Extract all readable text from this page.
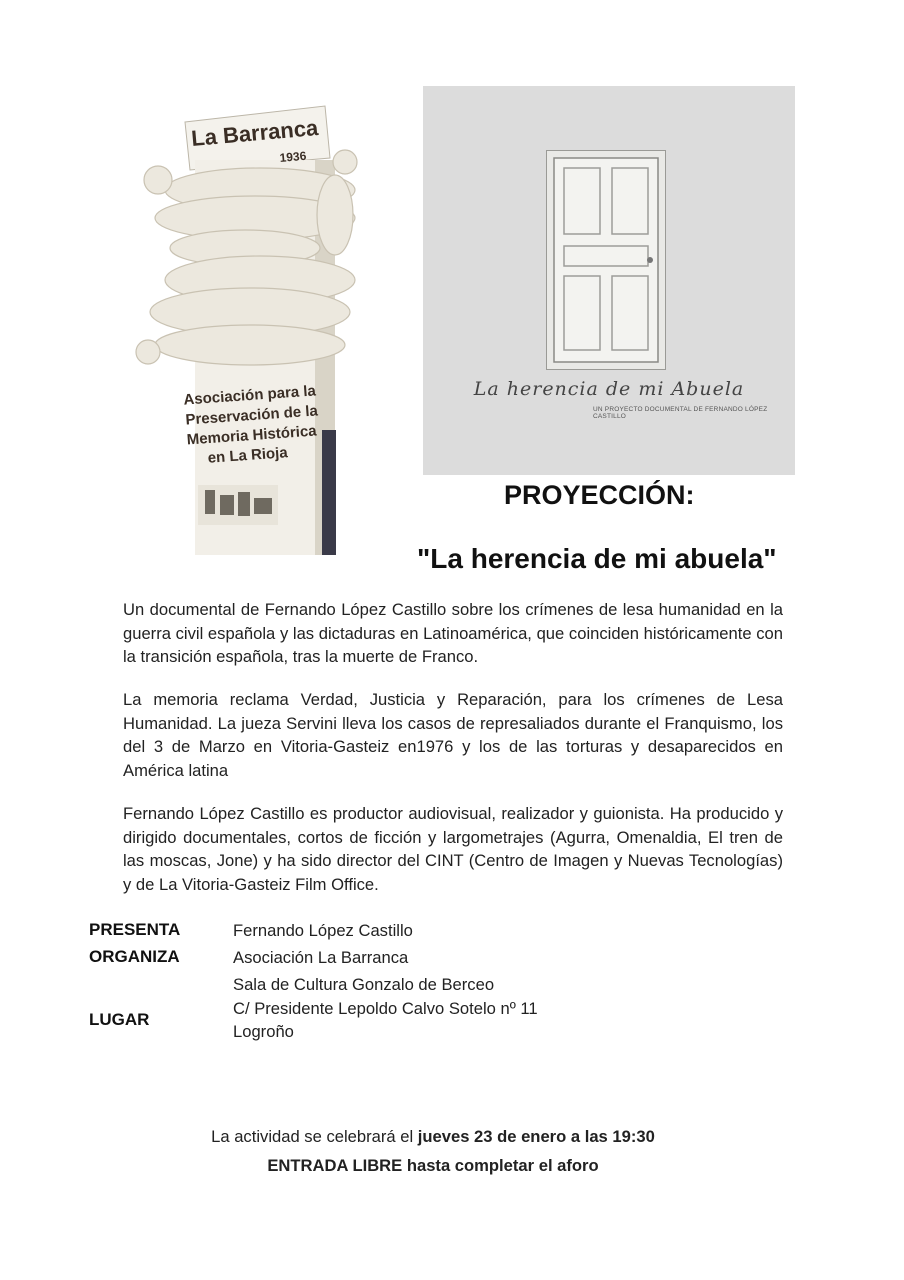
La Barranca
1936
Asociación para la
Preservación de la
Memoria Histórica
en La Rioja
La herencia de mi Abuela
UN PROYECTO DOCUMENTAL DE FERNANDO LÓPEZ CASTILLO
PROYECCIÓN:
"La herencia de mi abuela"
Un documental de Fernando López Castillo sobre los crímenes de lesa humanidad en la guerra civil española y las dictaduras en Latinoamérica, que coinciden históricamente con la transición española, tras la muerte de Franco.
La memoria reclama Verdad, Justicia y Reparación, para los crímenes de Lesa Humanidad. La jueza Servini lleva los casos de represaliados durante el Franquismo, los del 3 de Marzo en Vitoria-Gasteiz en1976 y los de las torturas y desaparecidos en América latina
Fernando López Castillo es productor audiovisual, realizador y guionista. Ha producido y dirigido documentales, cortos de ficción y largometrajes (Agurra, Omenaldia, El tren de las moscas, Jone) y ha sido director del CINT (Centro de Imagen y Nuevas Tecnologías) y de La Vitoria-Gasteiz Film Office.
PRESENTA	Fernando López Castillo
ORGANIZA	Asociación La Barranca
LUGAR
Sala de Cultura Gonzalo de Berceo
C/ Presidente Lepoldo Calvo Sotelo nº 11
Logroño
La actividad se celebrará el jueves 23 de enero a las 19:30
ENTRADA LIBRE hasta completar el aforo
